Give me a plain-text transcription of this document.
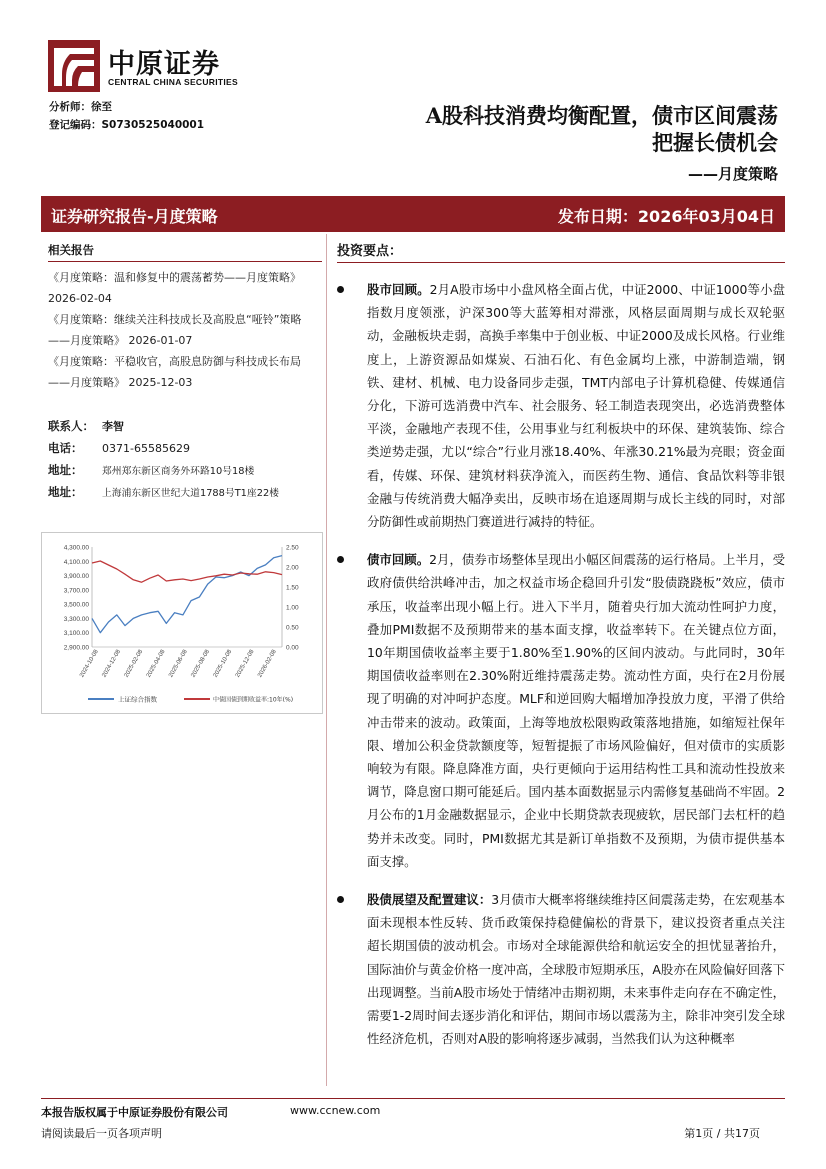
中原证券
CENTRAL CHINA SECURITIES
分析师：徐至
登记编码：S0730525040001	A股科技消费均衡配置，债市区间震荡
把握长债机会
——月度策略
证券研究报告-月度策略	发布日期：2026年03月04日
相关报告
《月度策略：温和修复中的震荡蓄势——月度策略》 2026-02-04
《月度策略：继续关注科技成长及高股息“哑铃”策略——月度策略》 2026-01-07
《月度策略：平稳收官，高股息防御与科技成长布局——月度策略》 2025-12-03
联系人： 李智
电话： 0371-65585629
地址： 郑州郑东新区商务外环路10号18楼
地址： 上海浦东新区世纪大道1788号T1座22楼
4,300.00
4,100.00
3,900.00
3,700.00
3,500.00
3,300.00
3,100.00
2,900.00
2.50
2.00
1.50
1.00
0.50
0.00
2024-10-08 2024-12-08 2025-02-08 2025-04-08 2025-06-08 2025-08-08 2025-10-08 2025-12-08 2026-02-08
上证综合指数	中债国债到期收益率:10年(%)
投资要点：
股市回顾。2月A股市场中小盘风格全面占优，中证2000、中证1000等小盘指数月度领涨，沪深300等大蓝筹相对滞涨，风格层面周期与成长双轮驱动，金融板块走弱，高换手率集中于创业板、中证2000及成长风格。行业维度上，上游资源品如煤炭、石油石化、有色金属均上涨，中游制造端，钢铁、建材、机械、电力设备同步走强，TMT内部电子计算机稳健、传媒通信分化，下游可选消费中汽车、社会服务、轻工制造表现突出，必选消费整体平淡，金融地产表现不佳，公用事业与红利板块中的环保、建筑装饰、综合类逆势走强，尤以“综合”行业月涨18.40%、年涨30.21%最为亮眼；资金面看，传媒、环保、建筑材料获净流入，而医药生物、通信、食品饮料等非银金融与传统消费大幅净卖出，反映市场在追逐周期与成长主线的同时，对部分防御性或前期热门赛道进行减持的特征。
债市回顾。2月，债券市场整体呈现出小幅区间震荡的运行格局。上半月，受政府债供给洪峰冲击，加之权益市场企稳回升引发“股债跷跷板”效应，债市承压，收益率出现小幅上行。进入下半月，随着央行加大流动性呵护力度，叠加PMI数据不及预期带来的基本面支撑，收益率转下。在关键点位方面，10年期国债收益率主要于1.80%至1.90%的区间内波动。与此同时，30年期国债收益率则在2.30%附近维持震荡走势。流动性方面，央行在2月份展现了明确的对冲呵护态度。MLF和逆回购大幅增加净投放力度，平滑了供给冲击带来的波动。政策面，上海等地放松限购政策落地措施，如缩短社保年限、增加公积金贷款额度等，短暂提振了市场风险偏好，但对债市的实质影响较为有限。降息降准方面，央行更倾向于运用结构性工具和流动性投放来调节，降息窗口期可能延后。国内基本面数据显示内需修复基础尚不牢固。2月公布的1月金融数据显示，企业中长期贷款表现疲软，居民部门去杠杆的趋势并未改变。同时，PMI数据尤其是新订单指数不及预期，为债市提供基本面支撑。
股债展望及配置建议：3月债市大概率将继续维持区间震荡走势，在宏观基本面未现根本性反转、货币政策保持稳健偏松的背景下，建议投资者重点关注超长期国债的波动机会。市场对全球能源供给和航运安全的担忧显著抬升，国际油价与黄金价格一度冲高，全球股市短期承压，A股亦在风险偏好回落下出现调整。当前A股市场处于情绪冲击期初期，未来事件走向存在不确定性，需要1-2周时间去逐步消化和评估，期间市场以震荡为主，除非冲突引发全球性经济危机，否则对A股的影响将逐步减弱，当然我们认为这种概率
本报告版权属于中原证券股份有限公司	www.ccnew.com
请阅读最后一页各项声明	第1页 / 共17页
